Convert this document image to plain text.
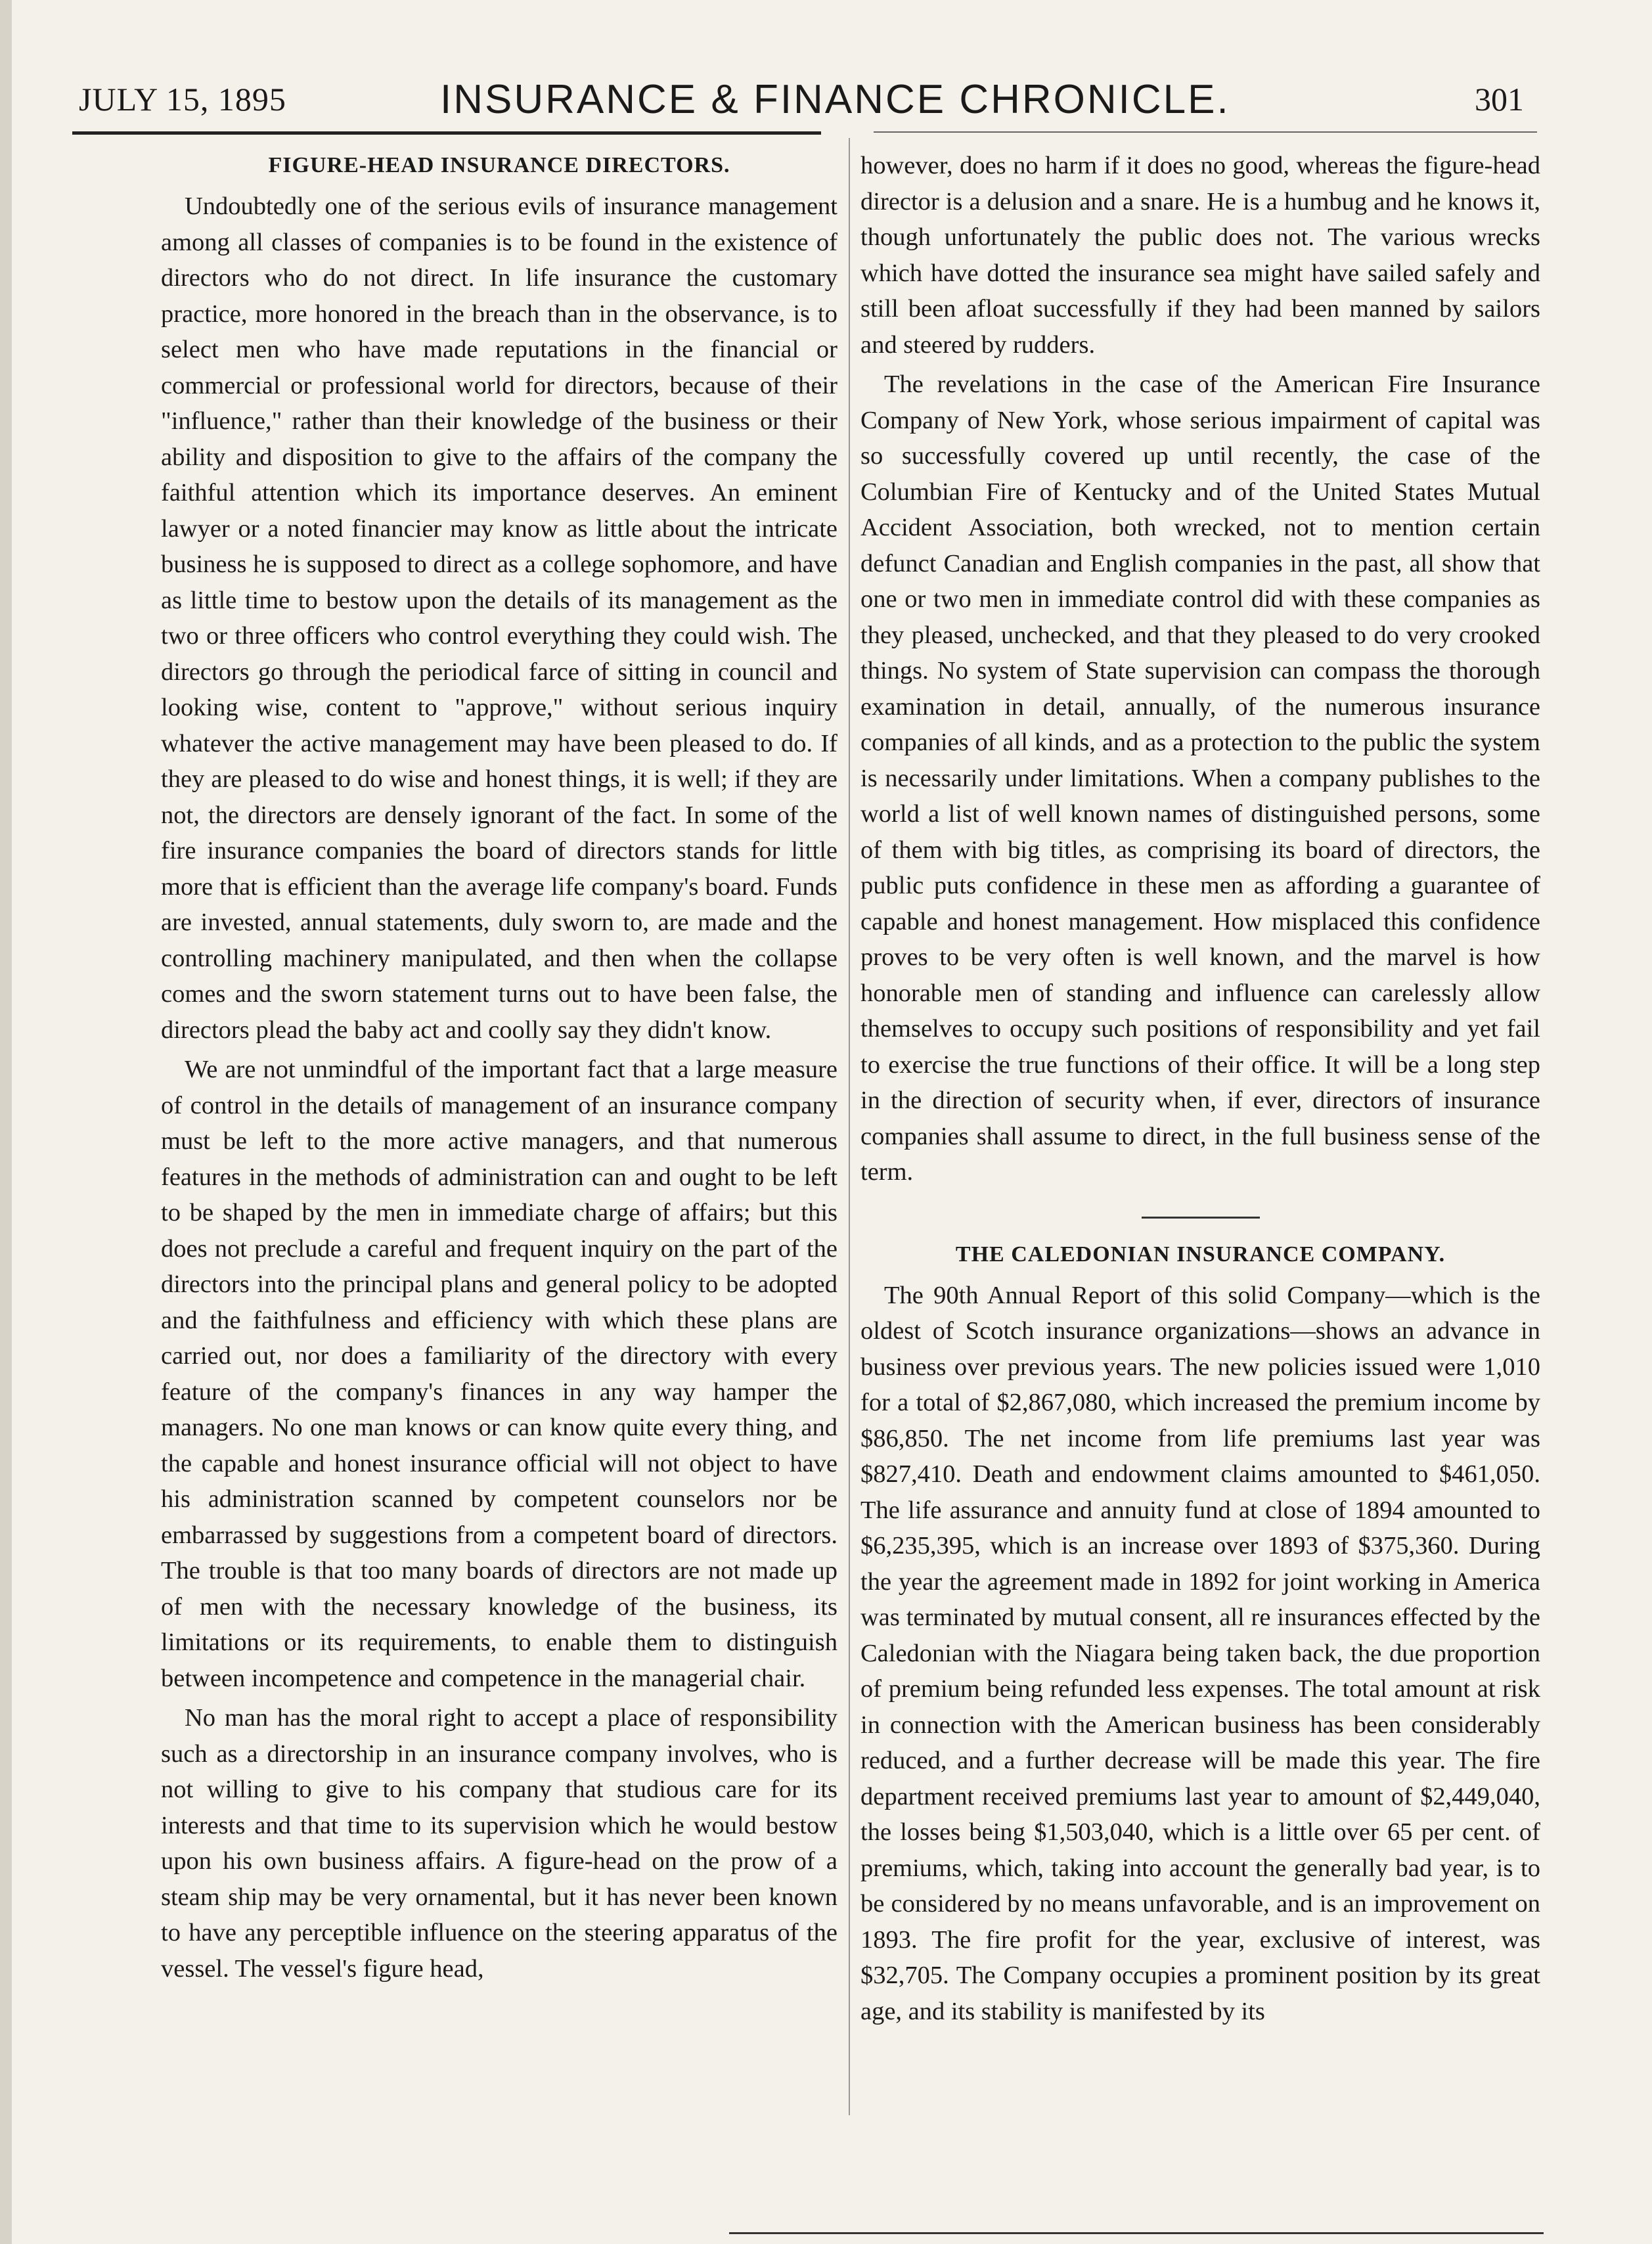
JULY 15, 1895	INSURANCE & FINANCE CHRONICLE.	301
FIGURE-HEAD INSURANCE DIRECTORS.

Undoubtedly one of the serious evils of insurance management among all classes of companies is to be found in the existence of directors who do not direct. In life insurance the customary practice, more honored in the breach than in the observance, is to select men who have made reputations in the financial or commercial or professional world for directors, because of their "influence," rather than their knowledge of the business or their ability and disposition to give to the affairs of the company the faithful attention which its importance deserves. An eminent lawyer or a noted financier may know as little about the intricate business he is supposed to direct as a college sophomore, and have as little time to bestow upon the details of its management as the two or three officers who control everything they could wish. The directors go through the periodical farce of sitting in council and looking wise, content to "approve," without serious inquiry whatever the active management may have been pleased to do. If they are pleased to do wise and honest things, it is well; if they are not, the directors are densely ignorant of the fact. In some of the fire insurance companies the board of directors stands for little more that is efficient than the average life company's board. Funds are invested, annual statements, duly sworn to, are made and the controlling machinery manipulated, and then when the collapse comes and the sworn statement turns out to have been false, the directors plead the baby act and coolly say they didn't know.

We are not unmindful of the important fact that a large measure of control in the details of management of an insurance company must be left to the more active managers, and that numerous features in the methods of administration can and ought to be left to be shaped by the men in immediate charge of affairs; but this does not preclude a careful and frequent inquiry on the part of the directors into the principal plans and general policy to be adopted and the faithfulness and efficiency with which these plans are carried out, nor does a familiarity of the directory with every feature of the company's finances in any way hamper the managers. No one man knows or can know quite every thing, and the capable and honest insurance official will not object to have his administration scanned by competent counselors nor be embarrassed by suggestions from a competent board of directors. The trouble is that too many boards of directors are not made up of men with the necessary knowledge of the business, its limitations or its requirements, to enable them to distinguish between incompetence and competence in the managerial chair.

No man has the moral right to accept a place of responsibility such as a directorship in an insurance company involves, who is not willing to give to his company that studious care for its interests and that time to its supervision which he would bestow upon his own business affairs. A figure-head on the prow of a steam ship may be very ornamental, but it has never been known to have any perceptible influence on the steering apparatus of the vessel. The vessel's figure head,

however, does no harm if it does no good, whereas the figure-head director is a delusion and a snare. He is a humbug and he knows it, though unfortunately the public does not. The various wrecks which have dotted the insurance sea might have sailed safely and still been afloat successfully if they had been manned by sailors and steered by rudders.

The revelations in the case of the American Fire Insurance Company of New York, whose serious impairment of capital was so successfully covered up until recently, the case of the Columbian Fire of Kentucky and of the United States Mutual Accident Association, both wrecked, not to mention certain defunct Canadian and English companies in the past, all show that one or two men in immediate control did with these companies as they pleased, unchecked, and that they pleased to do very crooked things. No system of State supervision can compass the thorough examination in detail, annually, of the numerous insurance companies of all kinds, and as a protection to the public the system is necessarily under limitations. When a company publishes to the world a list of well known names of distinguished persons, some of them with big titles, as comprising its board of directors, the public puts confidence in these men as affording a guarantee of capable and honest management. How misplaced this confidence proves to be very often is well known, and the marvel is how honorable men of standing and influence can carelessly allow themselves to occupy such positions of responsibility and yet fail to exercise the true functions of their office. It will be a long step in the direction of security when, if ever, directors of insurance companies shall assume to direct, in the full business sense of the term.

THE CALEDONIAN INSURANCE COMPANY.

The 90th Annual Report of this solid Company—which is the oldest of Scotch insurance organizations—shows an advance in business over previous years. The new policies issued were 1,010 for a total of $2,867,080, which increased the premium income by $86,850. The net income from life premiums last year was $827,410. Death and endowment claims amounted to $461,050. The life assurance and annuity fund at close of 1894 amounted to $6,235,395, which is an increase over 1893 of $375,360. During the year the agreement made in 1892 for joint working in America was terminated by mutual consent, all re insurances effected by the Caledonian with the Niagara being taken back, the due proportion of premium being refunded less expenses. The total amount at risk in connection with the American business has been considerably reduced, and a further decrease will be made this year. The fire department received premiums last year to amount of $2,449,040, the losses being $1,503,040, which is a little over 65 per cent. of premiums, which, taking into account the generally bad year, is to be considered by no means unfavorable, and is an improvement on 1893. The fire profit for the year, exclusive of interest, was $32,705. The Company occupies a prominent position by its great age, and its stability is manifested by its
